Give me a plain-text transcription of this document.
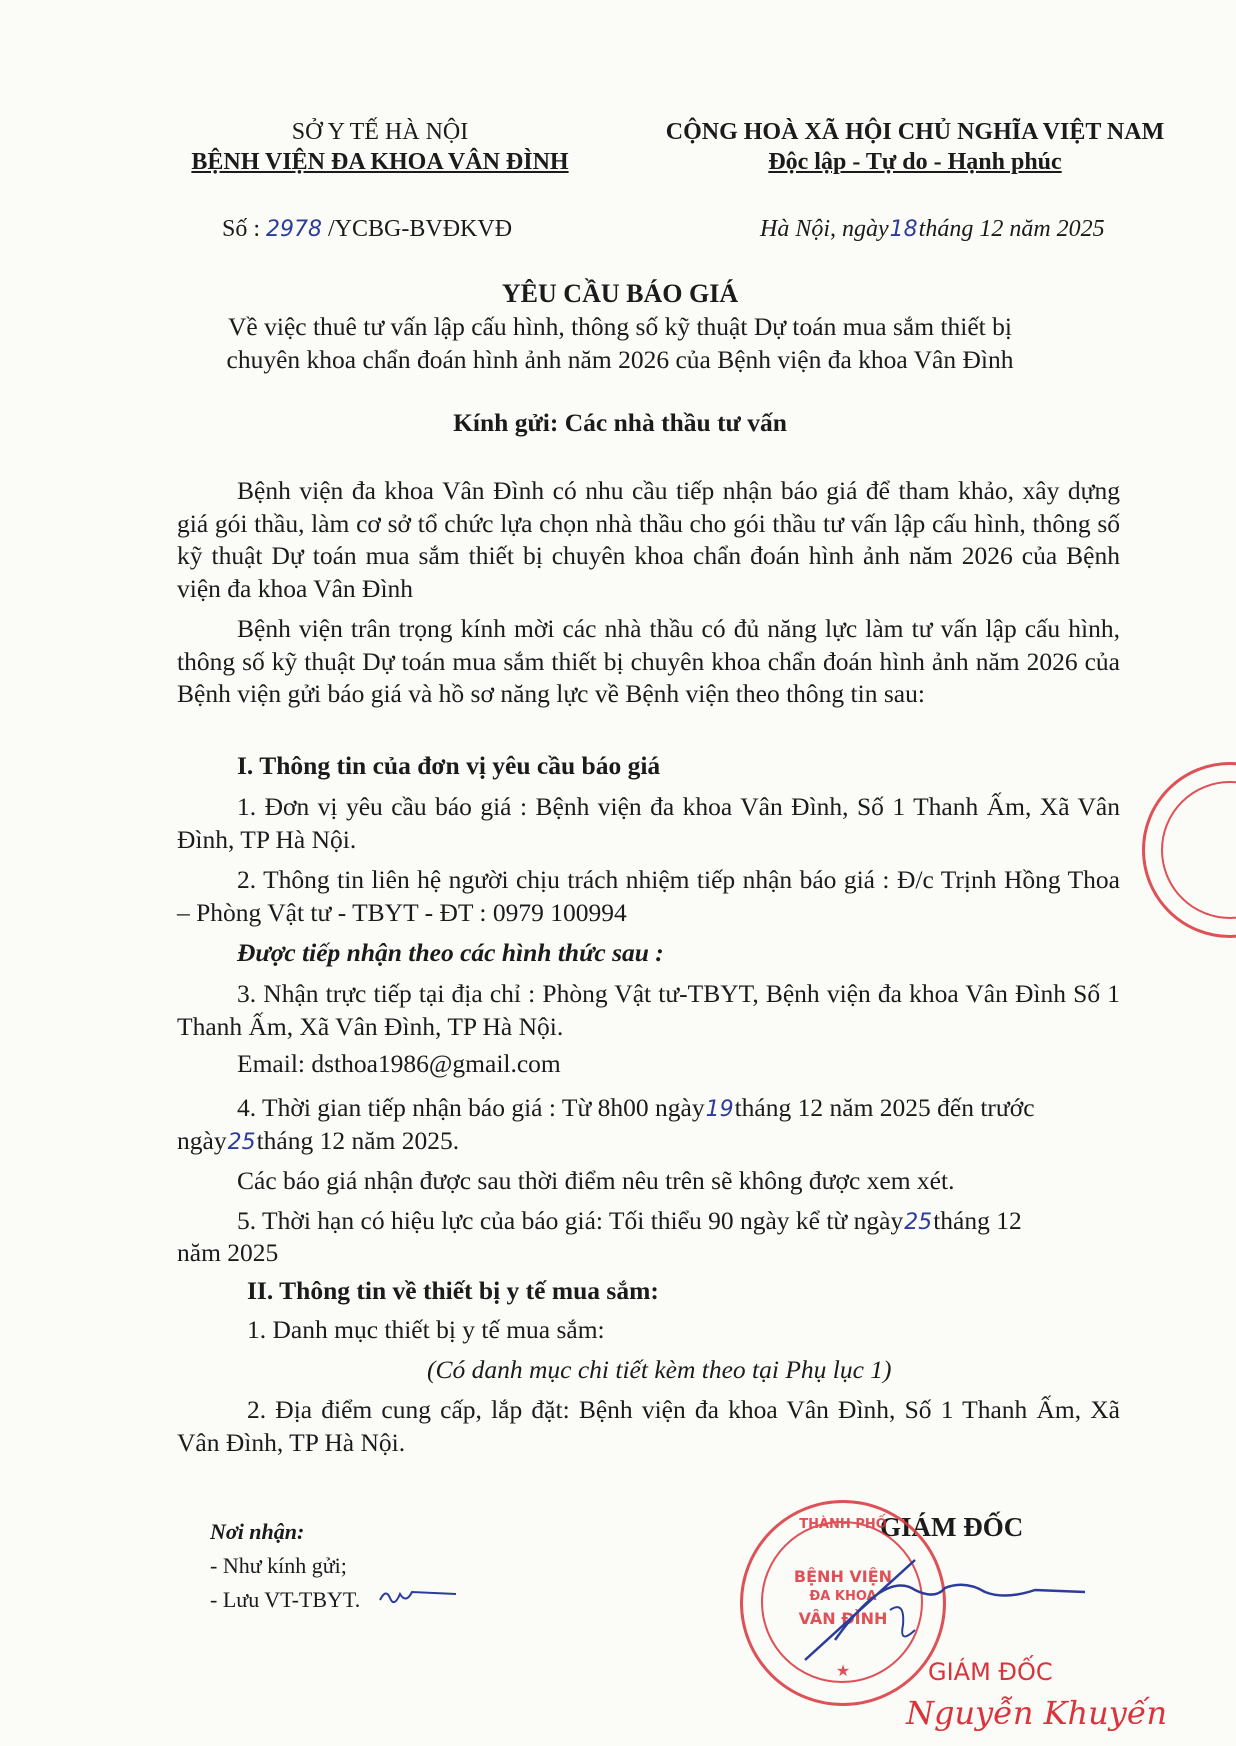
SỞ Y TẾ HÀ NỘI
BỆNH VIỆN ĐA KHOA VÂN ĐÌNH
CỘNG HOÀ XÃ HỘI CHỦ NGHĨA VIỆT NAM
Độc lập - Tự do - Hạnh phúc
Số : 2978 /YCBG-BVĐKVĐ	Hà Nội, ngày18tháng 12 năm 2025
YÊU CẦU BÁO GIÁ
Về việc thuê tư vấn lập cấu hình, thông số kỹ thuật Dự toán mua sắm thiết bị
chuyên khoa chẩn đoán hình ảnh năm 2026 của Bệnh viện đa khoa Vân Đình
Kính gửi: Các nhà thầu tư vấn
Bệnh viện đa khoa Vân Đình có nhu cầu tiếp nhận báo giá để tham khảo, xây dựng giá gói thầu, làm cơ sở tổ chức lựa chọn nhà thầu cho gói thầu tư vấn lập cấu hình, thông số kỹ thuật Dự toán mua sắm thiết bị chuyên khoa chẩn đoán hình ảnh năm 2026 của Bệnh viện đa khoa Vân Đình
Bệnh viện trân trọng kính mời các nhà thầu có đủ năng lực làm tư vấn lập cấu hình, thông số kỹ thuật Dự toán mua sắm thiết bị chuyên khoa chẩn đoán hình ảnh năm 2026 của Bệnh viện gửi báo giá và hồ sơ năng lực về Bệnh viện theo thông tin sau:
I. Thông tin của đơn vị yêu cầu báo giá
1. Đơn vị yêu cầu báo giá : Bệnh viện đa khoa Vân Đình, Số 1 Thanh Ấm, Xã Vân Đình, TP Hà Nội.
2. Thông tin liên hệ người chịu trách nhiệm tiếp nhận báo giá : Đ/c Trịnh Hồng Thoa – Phòng Vật tư - TBYT - ĐT : 0979 100994
Được tiếp nhận theo các hình thức sau :
3. Nhận trực tiếp tại địa chỉ : Phòng Vật tư-TBYT, Bệnh viện đa khoa Vân Đình Số 1 Thanh Ấm, Xã Vân Đình, TP Hà Nội.
Email: dsthoa1986@gmail.com
4. Thời gian tiếp nhận báo giá : Từ 8h00 ngày19tháng 12 năm 2025 đến trước
ngày25tháng 12 năm 2025.
Các báo giá nhận được sau thời điểm nêu trên sẽ không được xem xét.
5. Thời hạn có hiệu lực của báo giá: Tối thiểu 90 ngày kể từ ngày25tháng 12
năm 2025
II. Thông tin về thiết bị y tế mua sắm:
1. Danh mục thiết bị y tế mua sắm:
(Có danh mục chi tiết kèm theo tại Phụ lục 1)
2. Địa điểm cung cấp, lắp đặt: Bệnh viện đa khoa Vân Đình, Số 1 Thanh Ấm, Xã Vân Đình, TP Hà Nội.
Nơi nhận:
- Như kính gửi;
- Lưu VT-TBYT.
GIÁM ĐỐC
THÀNH PHỐ
BỆNH VIỆN
ĐA KHOA
VÂN ĐÌNH
★	GIÁM ĐỐC
Nguyễn Khuyến
